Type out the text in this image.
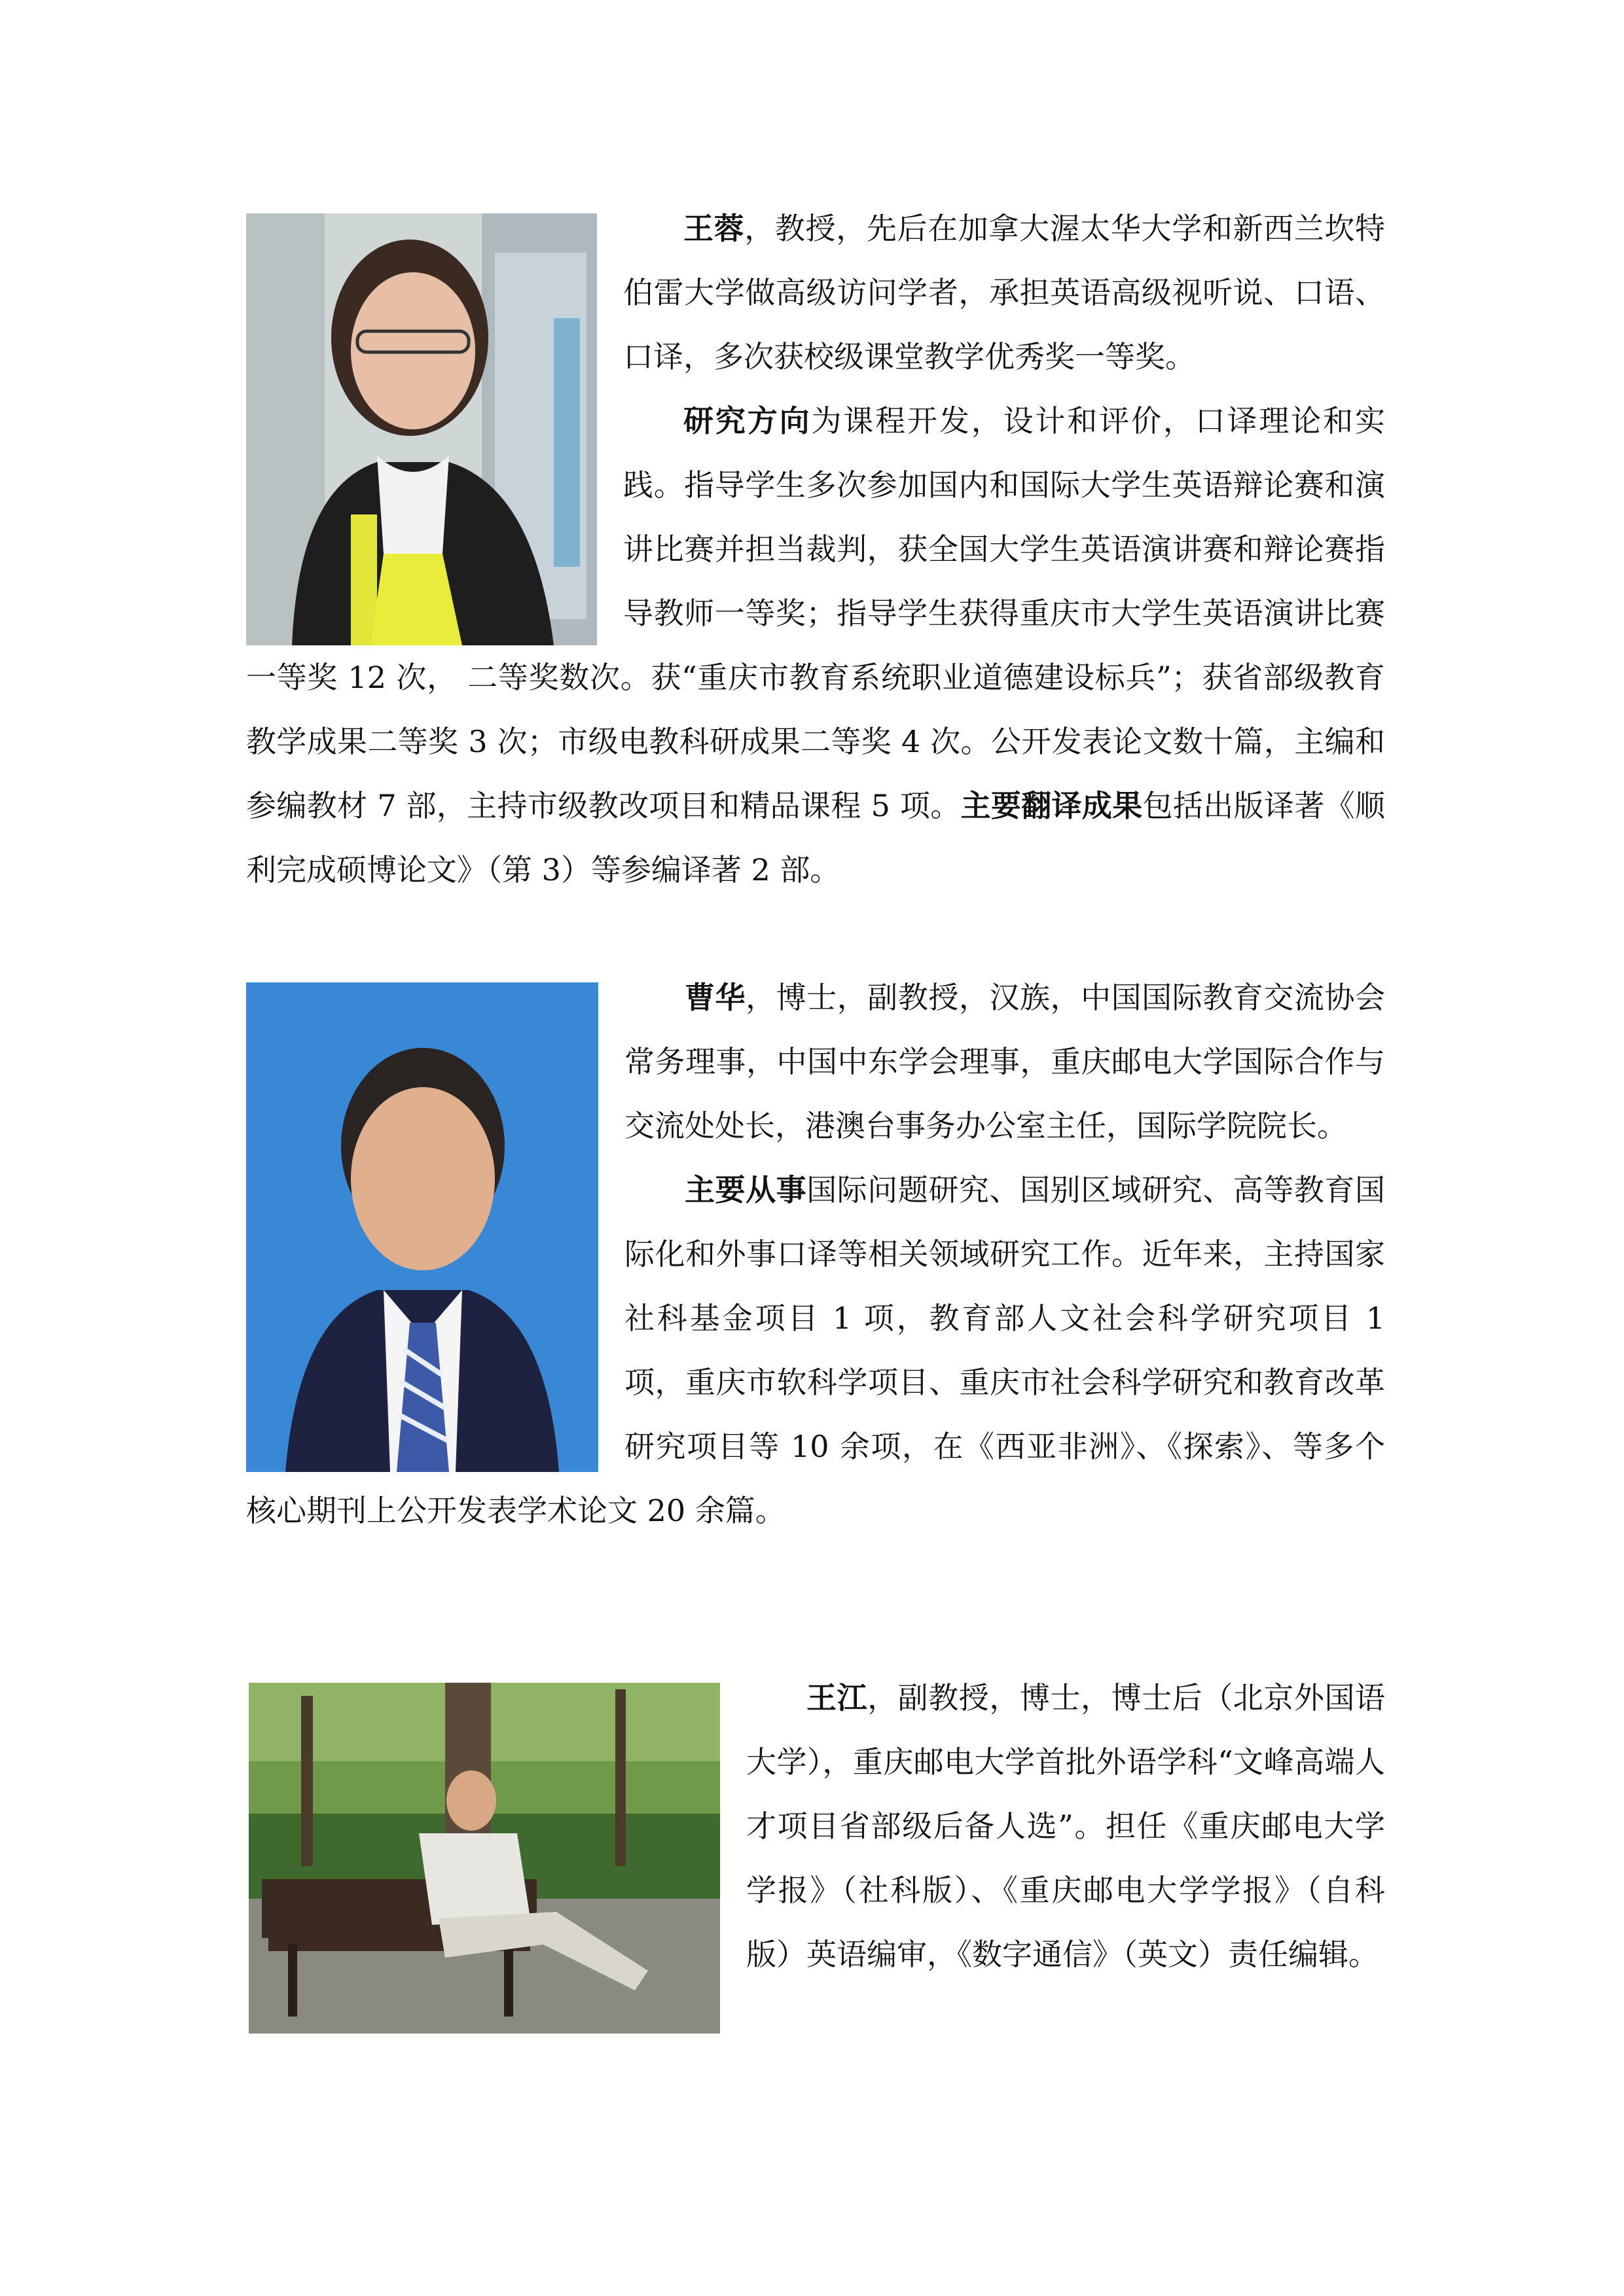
王蓉，教授，先后在加拿大渥太华大学和新西兰坎特伯雷大学做高级访问学者，承担英语高级视听说、口语、口译，多次获校级课堂教学优秀奖一等奖。

研究方向为课程开发，设计和评价，口译理论和实践。指导学生多次参加国内和国际大学生英语辩论赛和演讲比赛并担当裁判，获全国大学生英语演讲赛和辩论赛指导教师一等奖；指导学生获得重庆市大学生英语演讲比赛一等奖 12 次， 二等奖数次。获“重庆市教育系统职业道德建设标兵”；获省部级教育教学成果二等奖 3 次；市级电教科研成果二等奖 4 次。公开发表论文数十篇，主编和参编教材 7 部，主持市级教改项目和精品课程 5 项。主要翻译成果包括出版译著《顺利完成硕博论文》（第 3）等参编译著 2 部。

曹华，博士，副教授，汉族，中国国际教育交流协会常务理事，中国中东学会理事，重庆邮电大学国际合作与交流处处长，港澳台事务办公室主任，国际学院院长。

主要从事国际问题研究、国别区域研究、高等教育国际化和外事口译等相关领域研究工作。近年来，主持国家社科基金项目 1 项，教育部人文社会科学研究项目 1 项，重庆市软科学项目、重庆市社会科学研究和教育改革研究项目等 10 余项，在《西亚非洲》、《探索》、等多个核心期刊上公开发表学术论文 20 余篇。

王江，副教授，博士，博士后（北京外国语大学），重庆邮电大学首批外语学科“文峰高端人才项目省部级后备人选”。担任《重庆邮电大学学报》（社科版）、《重庆邮电大学学报》（自科版）英语编审，《数字通信》（英文）责任编辑。
